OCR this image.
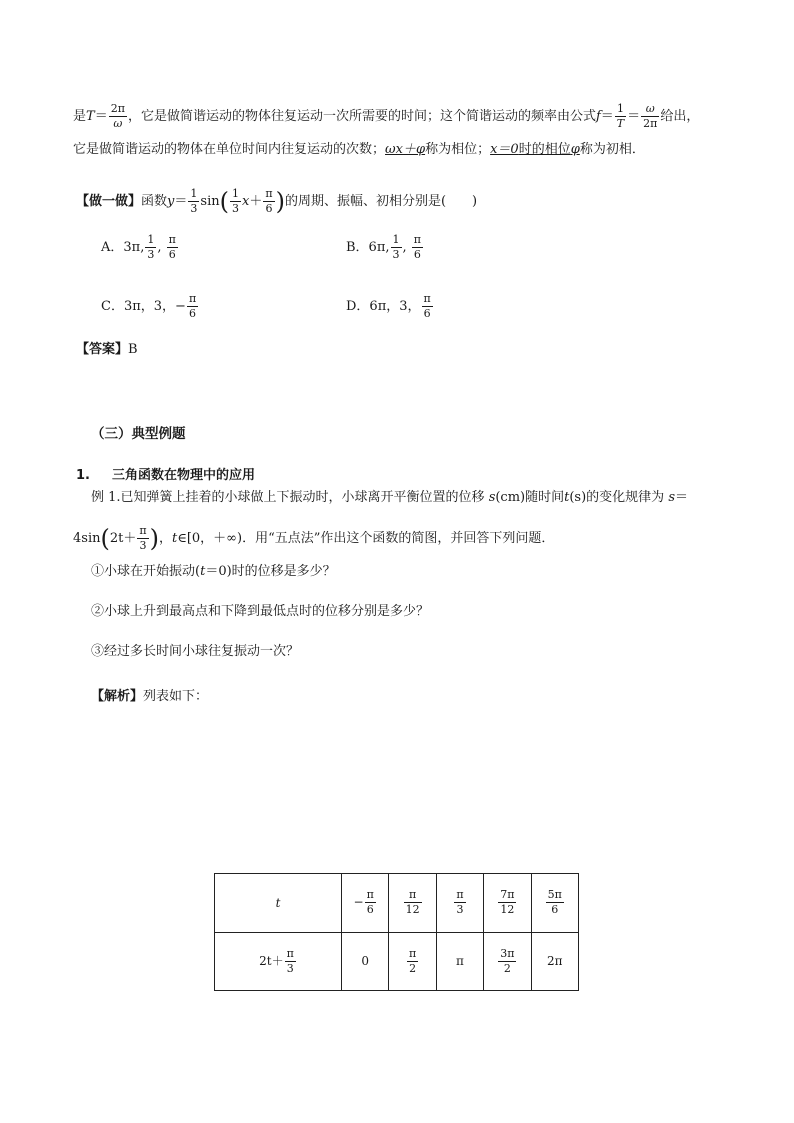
是$T= \frac{2\pi}{\omega}$ ，它是做简谐运动的物体往复运动一次所需要的时间；这个简谐运动的频率由公式$f= \frac{1}{T} = \frac{\omega}{2\pi}$ 给出，
它是做简谐运动的物体在单位时间内往复运动的次数；ωx＋φ称为相位；x＝0时的相位φ称为初相．
【做一做】函数$y= \frac{1}{3} \sin( \frac{1}{3} x+ \frac{\pi}{6}$ )的周期、振幅、初相分别是(　　)
A．3π, $\frac{1}{3}$ , $\frac{\pi}{6}$	B．6π, $\frac{1}{3}$ , $\frac{\pi}{6}$
C．3π，3，− $\frac{\pi}{6}$	D．6π，3， $\frac{\pi}{6}$
【答案】B
（三）典型例题
1. 三角函数在物理中的应用
例 1.已知弹簧上挂着的小球做上下振动时，小球离开平衡位置的位移 s(cm)随时间t(s)的变化规律为 s＝
$4\sin(2t+ \frac{\pi}{3}$ )，t∈[0，＋∞)．用“五点法”作出这个函数的简图，并回答下列问题．
①小球在开始振动(t＝0)时的位移是多少？
②小球上升到最高点和下降到最低点时的位移分别是多少？
③经过多长时间小球往复振动一次？
【解析】列表如下：
t	− $\frac{\pi}{6}$	$\frac{\pi}{12}$	$\frac{\pi}{3}$	$\frac{7\pi}{12}$	$\frac{5\pi}{6}$

$2t+ \frac{\pi}{3}$	0	$\frac{\pi}{2}$	π	$\frac{3\pi}{2}$	2π
